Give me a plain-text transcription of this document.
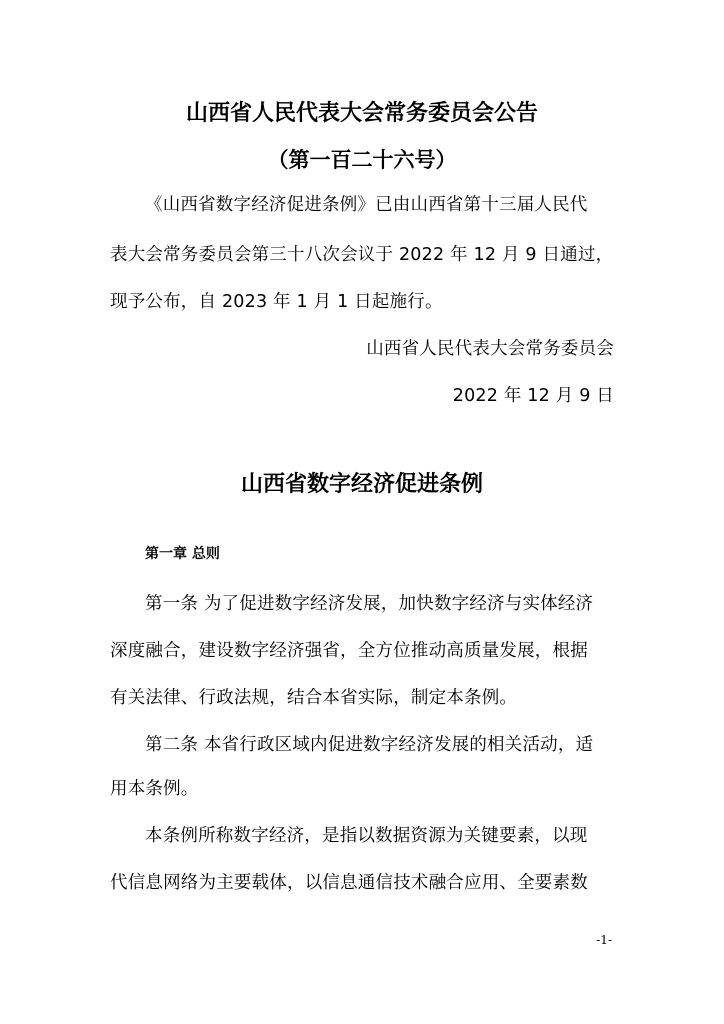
山西省人民代表大会常务委员会公告
（第一百二十六号）
《山西省数字经济促进条例》已由山西省第十三届人民代
表大会常务委员会第三十八次会议于 2022 年 12 月 9 日通过，
现予公布，自 2023 年 1 月 1 日起施行。
山西省人民代表大会常务委员会
2022 年 12 月 9 日
山西省数字经济促进条例
第一章 总则
第一条 为了促进数字经济发展，加快数字经济与实体经济
深度融合，建设数字经济强省，全方位推动高质量发展，根据
有关法律、行政法规，结合本省实际，制定本条例。
第二条 本省行政区域内促进数字经济发展的相关活动，适
用本条例。
本条例所称数字经济，是指以数据资源为关键要素，以现
代信息网络为主要载体，以信息通信技术融合应用、全要素数
-1-
